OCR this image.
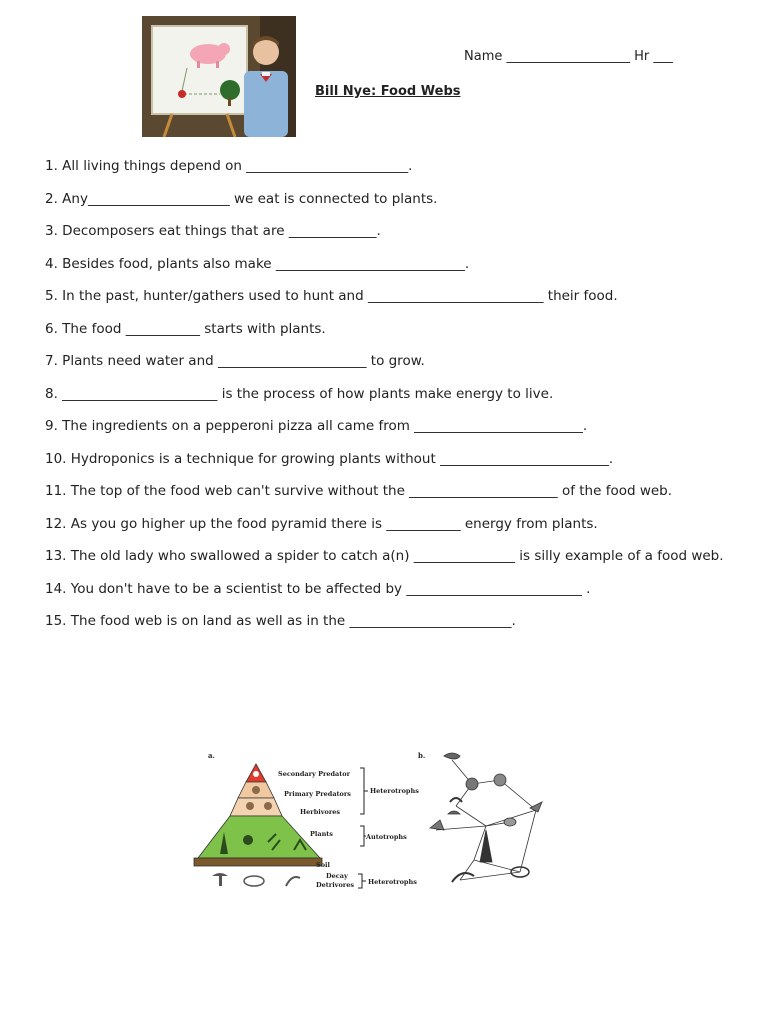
Name ___________________ Hr ___
Bill Nye: Food Webs

1. All living things depend on ________________________.

2. Any_____________________ we eat is connected to plants.

3. Decomposers eat things that are _____________.

4. Besides food, plants also make ____________________________.

5. In the past, hunter/gathers used to hunt and __________________________ their food.

6. The food ___________ starts with plants.

7. Plants need water and ______________________ to grow.

8. _______________________ is the process of how plants make energy to live.

9. The ingredients on a pepperoni pizza all came from _________________________.

10. Hydroponics is a technique for growing plants without _________________________.

11. The top of the food web can't survive without the ______________________ of the food web.

12. As you go higher up the food pyramid there is ___________ energy from plants.

13. The old lady who swallowed a spider to catch a(n) _______________ is silly example of a food web.

14. You don't have to be a scientist to be affected by __________________________ .

15. The food web is on land as well as in the ________________________.

a.	b.
Secondary Predator
Primary Predators
Herbivores
Plants
Soil
Decay
Detrivores
Heterotrophs
Autotrophs
Heterotrophs
